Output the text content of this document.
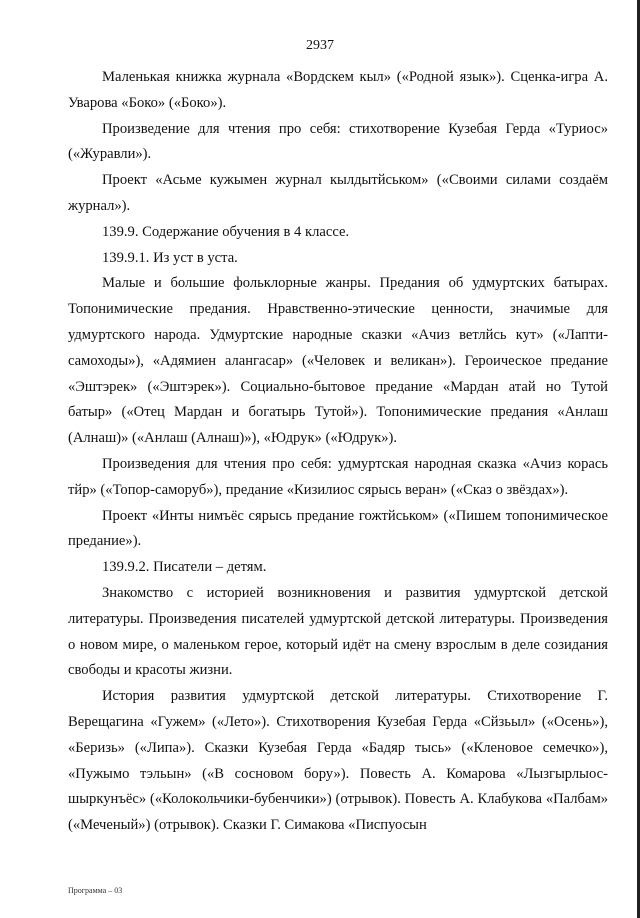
2937

Маленькая книжка журнала «Вордскем кыл» («Родной язык»). Сценка-игра А. Уварова «Боко» («Боко»).

Произведение для чтения про себя: стихотворение Кузебая Герда «Туриос» («Журавли»).

Проект «Асьме кужымен журнал кылдытйськом» («Своими силами создаём журнал»).

139.9. Содержание обучения в 4 классе.

139.9.1. Из уст в уста.

Малые и большие фольклорные жанры. Предания об удмуртских батырах. Топонимические предания. Нравственно-этические ценности, значимые для удмуртского народа. Удмуртские народные сказки «Ачиз ветлйсь кут» («Лапти-самоходы»), «Адямиен алангасар» («Человек и великан»). Героическое предание «Эштэрек» («Эштэрек»). Социально-бытовое предание «Мардан атай но Тутой батыр» («Отец Мардан и богатырь Тутой»). Топонимические предания «Анлаш (Алнаш)» («Анлаш (Алнаш)»), «Юдрук» («Юдрук»).

Произведения для чтения про себя: удмуртская народная сказка «Ачиз корась тйр» («Топор-саморуб»), предание «Кизилиос сярысь веран» («Сказ о звёздах»).

Проект «Инты нимъёс сярысь предание гожтйськом» («Пишем топонимическое предание»).

139.9.2. Писатели – детям.

Знакомство с историей возникновения и развития удмуртской детской литературы. Произведения писателей удмуртской детской литературы. Произведения о новом мире, о маленьком герое, который идёт на смену взрослым в деле созидания свободы и красоты жизни.

История развития удмуртской детской литературы. Стихотворение Г. Верещагина «Гужем» («Лето»). Стихотворения Кузебая Герда «Сйзьыл» («Осень»), «Беризь» («Липа»). Сказки Кузебая Герда «Бадяр тысь» («Кленовое семечко»), «Пужымо тэльын» («В сосновом бору»). Повесть А. Комарова «Лызгырлыос-шыркунъёс» («Колокольчики-бубенчики») (отрывок). Повесть А. Клабукова «Палбам» («Меченый») (отрывок). Сказки Г. Симакова «Писпуосын

Программа – 03
